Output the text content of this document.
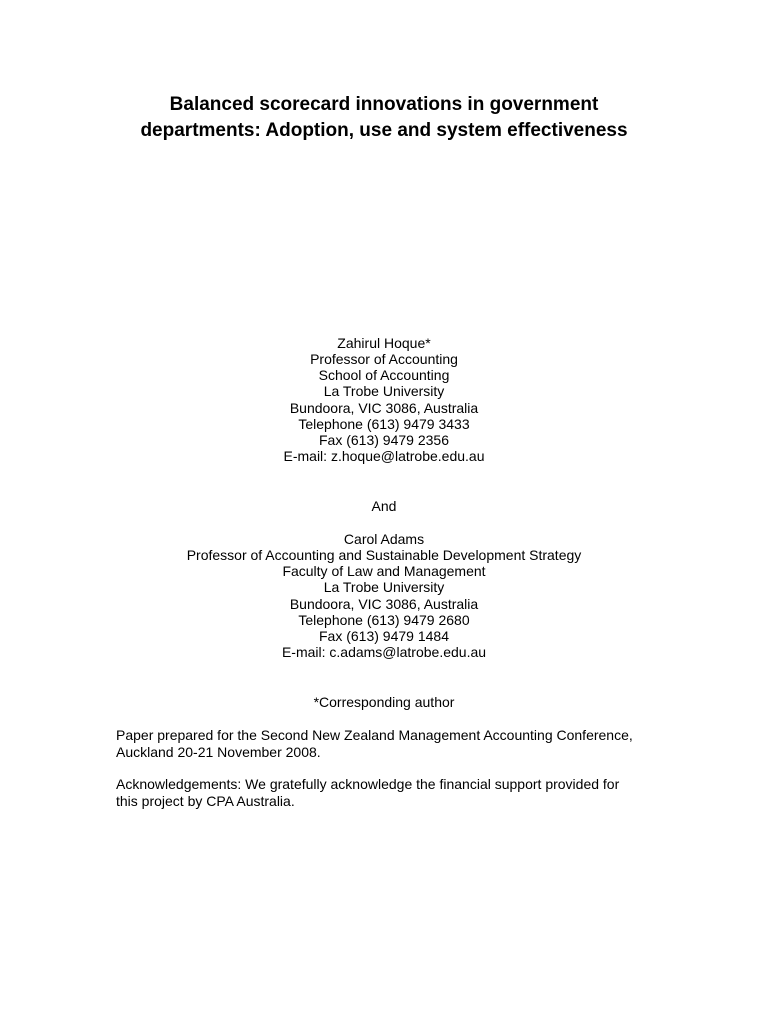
Balanced scorecard innovations in government
departments: Adoption, use and system effectiveness
Zahirul Hoque*
Professor of Accounting
School of Accounting
La Trobe University
Bundoora, VIC 3086, Australia
Telephone (613) 9479 3433
Fax (613) 9479 2356
E-mail: z.hoque@latrobe.edu.au
And
Carol Adams
Professor of Accounting and Sustainable Development Strategy
Faculty of Law and Management
La Trobe University
Bundoora, VIC 3086, Australia
Telephone (613) 9479 2680
Fax (613) 9479 1484
E-mail: c.adams@latrobe.edu.au
*Corresponding author
Paper prepared for the Second New Zealand Management Accounting Conference,
Auckland 20-21 November 2008.
Acknowledgements: We gratefully acknowledge the financial support provided for
this project by CPA Australia.
